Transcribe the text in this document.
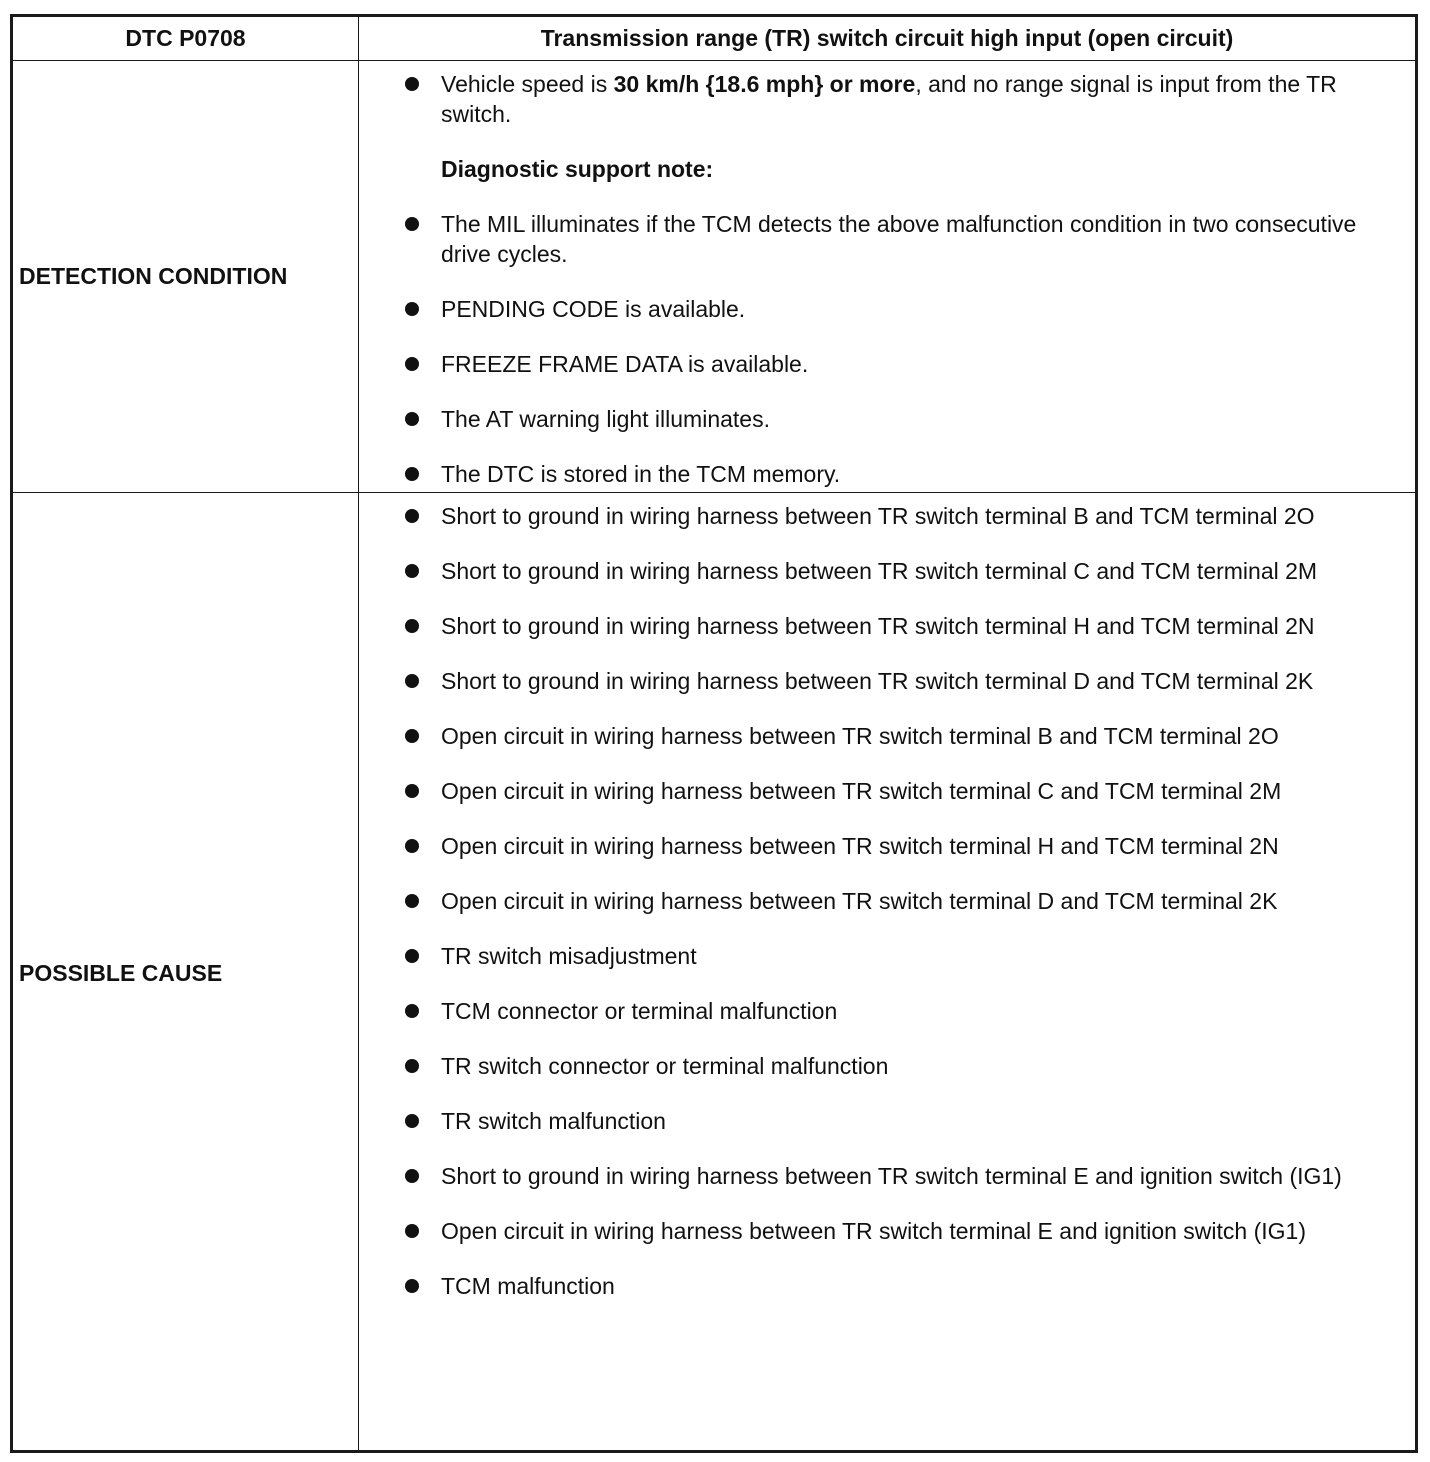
DTC P0708	Transmission range (TR) switch circuit high input (open circuit)
DETECTION CONDITION
POSSIBLE CAUSE
Vehicle speed is 30 km/h {18.6 mph} or more, and no range signal is input from the TR switch.
Diagnostic support note:
The MIL illuminates if the TCM detects the above malfunction condition in two consecutive drive cycles.
PENDING CODE is available.
FREEZE FRAME DATA is available.
The AT warning light illuminates.
The DTC is stored in the TCM memory.
Short to ground in wiring harness between TR switch terminal B and TCM terminal 2O
Short to ground in wiring harness between TR switch terminal C and TCM terminal 2M
Short to ground in wiring harness between TR switch terminal H and TCM terminal 2N
Short to ground in wiring harness between TR switch terminal D and TCM terminal 2K
Open circuit in wiring harness between TR switch terminal B and TCM terminal 2O
Open circuit in wiring harness between TR switch terminal C and TCM terminal 2M
Open circuit in wiring harness between TR switch terminal H and TCM terminal 2N
Open circuit in wiring harness between TR switch terminal D and TCM terminal 2K
TR switch misadjustment
TCM connector or terminal malfunction
TR switch connector or terminal malfunction
TR switch malfunction
Short to ground in wiring harness between TR switch terminal E and ignition switch (IG1)
Open circuit in wiring harness between TR switch terminal E and ignition switch (IG1)
TCM malfunction
